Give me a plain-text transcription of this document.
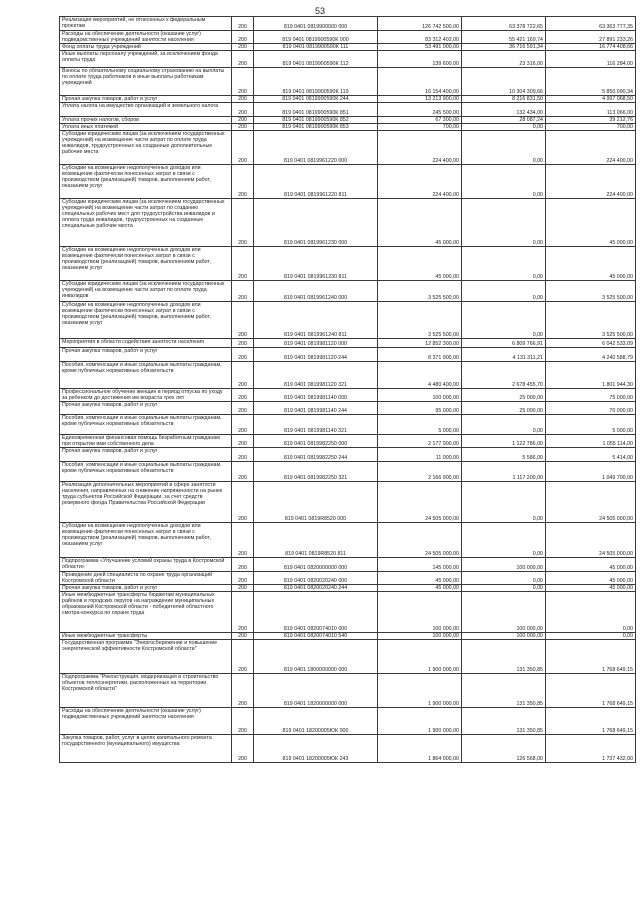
53
Реализация мероприятий, не отнесенных к федеральным проектам	200	819 0401 0819900000 000	126 742 500,00	63 378 722,65	63 363 777,35
Расходы на обеспечение деятельности (оказание услуг) подведомственных учреждений занятости населения	200	819 0401 0819900590К 000	83 312 402,00	55 421 169,74	27 891 233,26
Фонд оплаты труда учреждений	200	819 0401 0819900590К 111	53 491 000,00	36 716 591,34	16 774 408,66
Иные выплаты персоналу учреждений, за исключением фонда оплаты труда	200	819 0401 0819900590К 112	139 600,00	23 316,00	116 284,00
Взносы по обязательному социальному страхованию на выплаты по оплате труда работников и иные выплаты работникам учреждений	200	819 0401 0819900590К 119	16 154 400,00	10 304 309,66	5 850 090,34
Прочая закупка товаров, работ и услуг	200	819 0401 0819900590К 244	13 213 900,00	8 216 831,50	4 997 068,50
Уплата налога на имущество организаций и земельного налога	200	819 0401 0819900590К 851	245 500,00	132 434,00	113 066,00
Уплата прочих налогов, сборов	200	819 0401 0819900590К 852	67 300,00	28 087,24	39 212,76
Уплата иных платежей	200	819 0401 0819900590К 853	700,00	0,00	700,00
Субсидии юридическим лицам (за исключением государственных учреждений) на возмещение части затрат по оплате труда инвалидов, трудоустроенных на созданные дополнительные рабочие места	200	819 0401 0819961220 000	224 400,00	0,00	224 400,00
Субсидии на возмещение недополученных доходов или возмещение фактически понесенных затрат в связи с производством (реализацией) товаров, выполнением работ, оказанием услуг	200	819 0401 0819961220 811	224 400,00	0,00	224 400,00
Субсидии юридическим лицам (за исключением государственных учреждений) на возмещение части затрат по созданию специальных рабочих мест для трудоустройства инвалидов и оплата труда инвалидов, трудоустроенных на созданные специальные рабочие места	200	819 0401 0819961230 000	45 000,00	0,00	45 000,00
Субсидии на возмещение недополученных доходов или возмещение фактически понесенных затрат в связи с производством (реализацией) товаров, выполнением работ, оказанием услуг	200	819 0401 0819961230 811	45 000,00	0,00	45 000,00
Субсидии юридическим лицам (за исключением государственных учреждений) на возмещение части затрат по оплате труда инвалидов	200	819 0401 0819961240 000	3 525 500,00	0,00	3 525 500,00
Субсидии на возмещение недополученных доходов или возмещение фактически понесенных затрат в связи с производством (реализацией) товаров, выполнением работ, оказанием услуг	200	819 0401 0819961240 811	3 525 500,00	0,00	3 525 500,00
Мероприятия в области содействия занятости населения	200	819 0401 0819981120 000	12 852 300,00	6 809 766,91	6 042 533,09
Прочая закупка товаров, работ и услуг	200	819 0401 0819981120 244	8 371 900,00	4 131 311,21	4 240 588,79
Пособия, компенсации и иные социальные выплаты гражданам, кроме публичных нормативных обязательств	200	819 0401 0819981120 321	4 480 400,00	2 678 455,70	1 801 944,30
Профессиональное обучение женщин в период отпуска по уходу за ребенком до достижения им возраста трех лет	200	819 0401 0819981140 000	100 000,00	25 000,00	75 000,00
Прочая закупка товаров, работ и услуг	200	819 0401 0819981140 244	95 000,00	25 000,00	70 000,00
Пособия, компенсации и иные социальные выплаты гражданам, кроме публичных нормативных обязательств	200	819 0401 0819981140 321	5 000,00	0,00	5 000,00
Единовременная финансовая помощь безработным гражданам при открытии ими собственного дела	200	819 0401 0819982250 000	2 177 900,00	1 122 786,00	1 055 114,00
Прочая закупка товаров, работ и услуг	200	819 0401 0819982250 244	11 000,00	5 586,00	5 414,00
Пособия, компенсации и иные социальные выплаты гражданам, кроме публичных нормативных обязательств	200	819 0401 0819982250 321	2 166 900,00	1 117 200,00	1 049 700,00
Реализация дополнительных мероприятий в сфере занятости населения, направленных на снижение напряженности на рынке труда субъектов Российской Федерации, за счет средств резервного фонда Правительства Российской Федерации	200	819 0401 0819R8520 000	24 505 000,00	0,00	24 505 000,00
Субсидии на возмещение недополученных доходов или возмещение фактически понесенных затрат в связи с производством (реализацией) товаров, выполнением работ, оказанием услуг	200	819 0401 0819R8520 811	24 505 000,00	0,00	24 505 000,00
Подпрограмма «Улучшение условий охраны труда в Костромской области»	200	819 0401 0820000000 000	145 000,00	100 000,00	45 000,00
Проведение дней специалиста по охране труда организаций Костромской области	200	819 0401 0820020240 000	45 000,00	0,00	45 000,00
Прочая закупка товаров, работ и услуг	200	819 0401 0820020240 244	45 000,00	0,00	45 000,00
Иные межбюджетные трансферты бюджетам муниципальных районов и городских округов на награждение муниципальных образований Костромской области - победителей областного смотра-конкурса по охране труда	200	819 0401 0820074010 000	100 000,00	100 000,00	0,00
Иные межбюджетные трансферты	200	819 0401 0820074010 540	100 000,00	100 000,00	0,00
Государственная программа "Энергосбережение и повышение энергетической эффективности Костромской области"	200	819 0401 1800000000 000	1 900 000,00	131 350,85	1 768 649,15
Подпрограмма "Реконструкция, модернизация и строительство объектов теплоэнергетики, расположенных на территории Костромской области"	200	819 0401 1820000000 000	1 900 000,00	131 350,85	1 768 649,15
Расходы на обеспечение деятельности (оказание услуг) подведомственных учреждений занятости населения	200	819 0401 18200005ЮК 000	1 900 000,00	131 350,85	1 768 649,15
Закупка товаров, работ, услуг в целях капитального ремонта государственного (муниципального) имущества	200	819 0401 18200005ЮК 243	1 864 000,00	126 568,00	1 737 432,00
